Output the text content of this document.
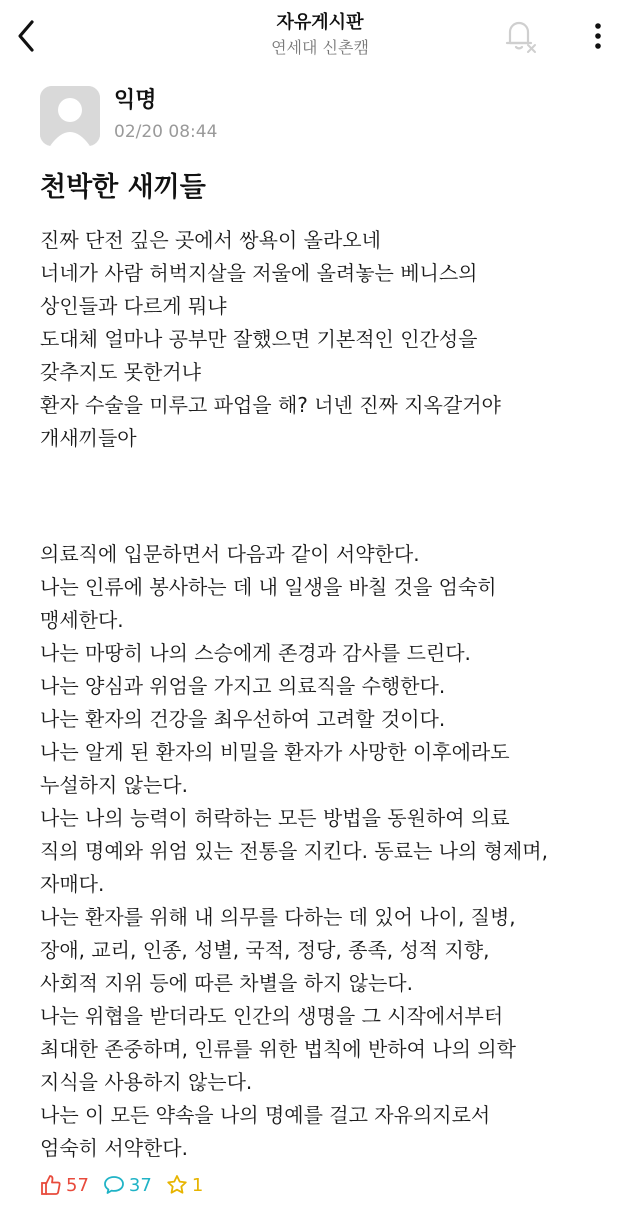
자유게시판
연세대 신촌캠
익명
02/20 08:44
천박한 새끼들

진짜 단전 깊은 곳에서 쌍욕이 올라오네

너네가 사람 허벅지살을 저울에 올려놓는 베니스의

상인들과 다르게 뭐냐

도대체 얼마나 공부만 잘했으면 기본적인 인간성을

갖추지도 못한거냐

환자 수술을 미루고 파업을 해? 너넨 진짜 지옥갈거야

개새끼들아

의료직에 입문하면서 다음과 같이 서약한다.

나는 인류에 봉사하는 데 내 일생을 바칠 것을 엄숙히

맹세한다.

나는 마땅히 나의 스승에게 존경과 감사를 드린다.

나는 양심과 위엄을 가지고 의료직을 수행한다.

나는 환자의 건강을 최우선하여 고려할 것이다.

나는 알게 된 환자의 비밀을 환자가 사망한 이후에라도

누설하지 않는다.

나는 나의 능력이 허락하는 모든 방법을 동원하여 의료

직의 명예와 위엄 있는 전통을 지킨다. 동료는 나의 형제며,

자매다.

나는 환자를 위해 내 의무를 다하는 데 있어 나이, 질병,

장애, 교리, 인종, 성별, 국적, 정당, 종족, 성적 지향,

사회적 지위 등에 따른 차별을 하지 않는다.

나는 위협을 받더라도 인간의 생명을 그 시작에서부터

최대한 존중하며, 인류를 위한 법칙에 반하여 나의 의학

지식을 사용하지 않는다.

나는 이 모든 약속을 나의 명예를 걸고 자유의지로서

엄숙히 서약한다.

57 37 1
